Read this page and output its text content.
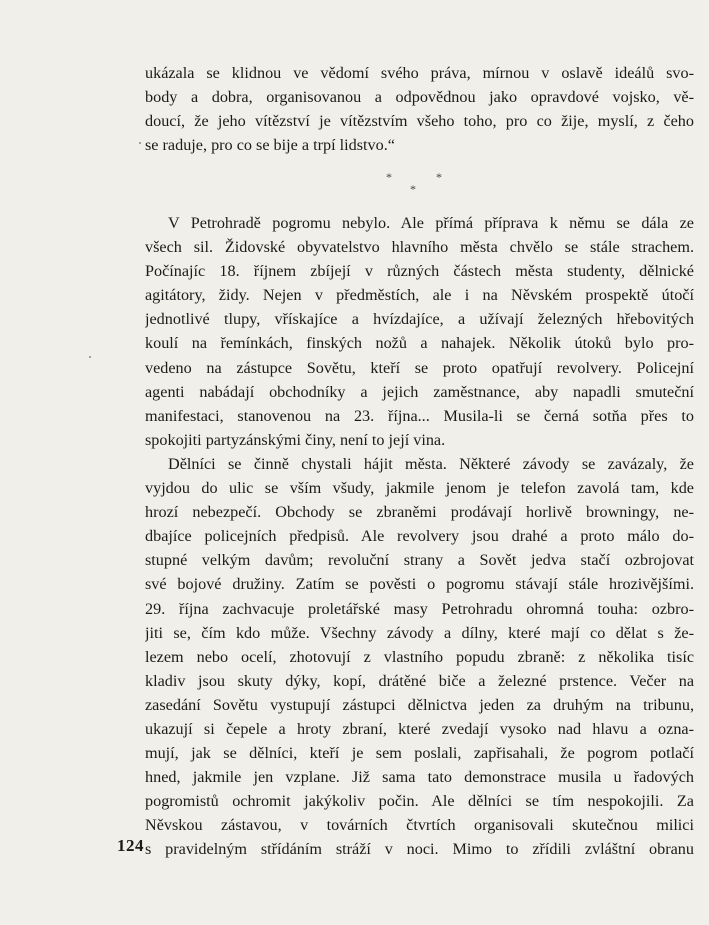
ukázala se klidnou ve vědomí svého práva, mírnou v oslavě ideálů svo-
body a dobra, organisovanou a odpovědnou jako opravdové vojsko, vě-
doucí, že jeho vítězství je vítězstvím všeho toho, pro co žije, myslí, z čeho
se raduje, pro co se bije a trpí lidstvo.“
*	*
*
V Petrohradě pogromu nebylo. Ale přímá příprava k němu se dála ze
všech sil. Židovské obyvatelstvo hlavního města chvělo se stále strachem.
Počínajíc 18. říjnem zbíjejí v různých částech města studenty, dělnické
agitátory, židy. Nejen v předměstích, ale i na Něvském prospektě útočí
jednotlivé tlupy, vřískajíce a hvízdajíce, a užívají železných hřebovitých
koulí na řemínkách, finských nožů a nahajek. Několik útoků bylo pro-
vedeno na zástupce Sovětu, kteří se proto opatřují revolvery. Policejní
agenti nabádají obchodníky a jejich zaměstnance, aby napadli smuteční
manifestaci, stanovenou na 23. října... Musila-li se černá sotňa přes to
spokojiti partyzánskými činy, není to její vina.
Dělníci se činně chystali hájit města. Některé závody se zavázaly, že
vyjdou do ulic se vším všudy, jakmile jenom je telefon zavolá tam, kde
hrozí nebezpečí. Obchody se zbraněmi prodávají horlivě browningy, ne-
dbajíce policejních předpisů. Ale revolvery jsou drahé a proto málo do-
stupné velkým davům; revoluční strany a Sovět jedva stačí ozbrojovat
své bojové družiny. Zatím se pověsti o pogromu stávají stále hrozivějšími.
29. října zachvacuje proletářské masy Petrohradu ohromná touha: ozbro-
jiti se, čím kdo může. Všechny závody a dílny, které mají co dělat s že-
lezem nebo ocelí, zhotovují z vlastního popudu zbraně: z několika tisíc
kladiv jsou skuty dýky, kopí, drátěné biče a železné prstence. Večer na
zasedání Sovětu vystupují zástupci dělnictva jeden za druhým na tribunu,
ukazují si čepele a hroty zbraní, které zvedají vysoko nad hlavu a ozna-
mují, jak se dělníci, kteří je sem poslali, zapřisahali, že pogrom potlačí
hned, jakmile jen vzplane. Již sama tato demonstrace musila u řadových
pogromistů ochromit jakýkoliv počin. Ale dělníci se tím nespokojili. Za
Něvskou zástavou, v továrních čtvrtích organisovali skutečnou milici
s pravidelným střídáním stráží v noci. Mimo to zřídili zvláštní obranu
124
